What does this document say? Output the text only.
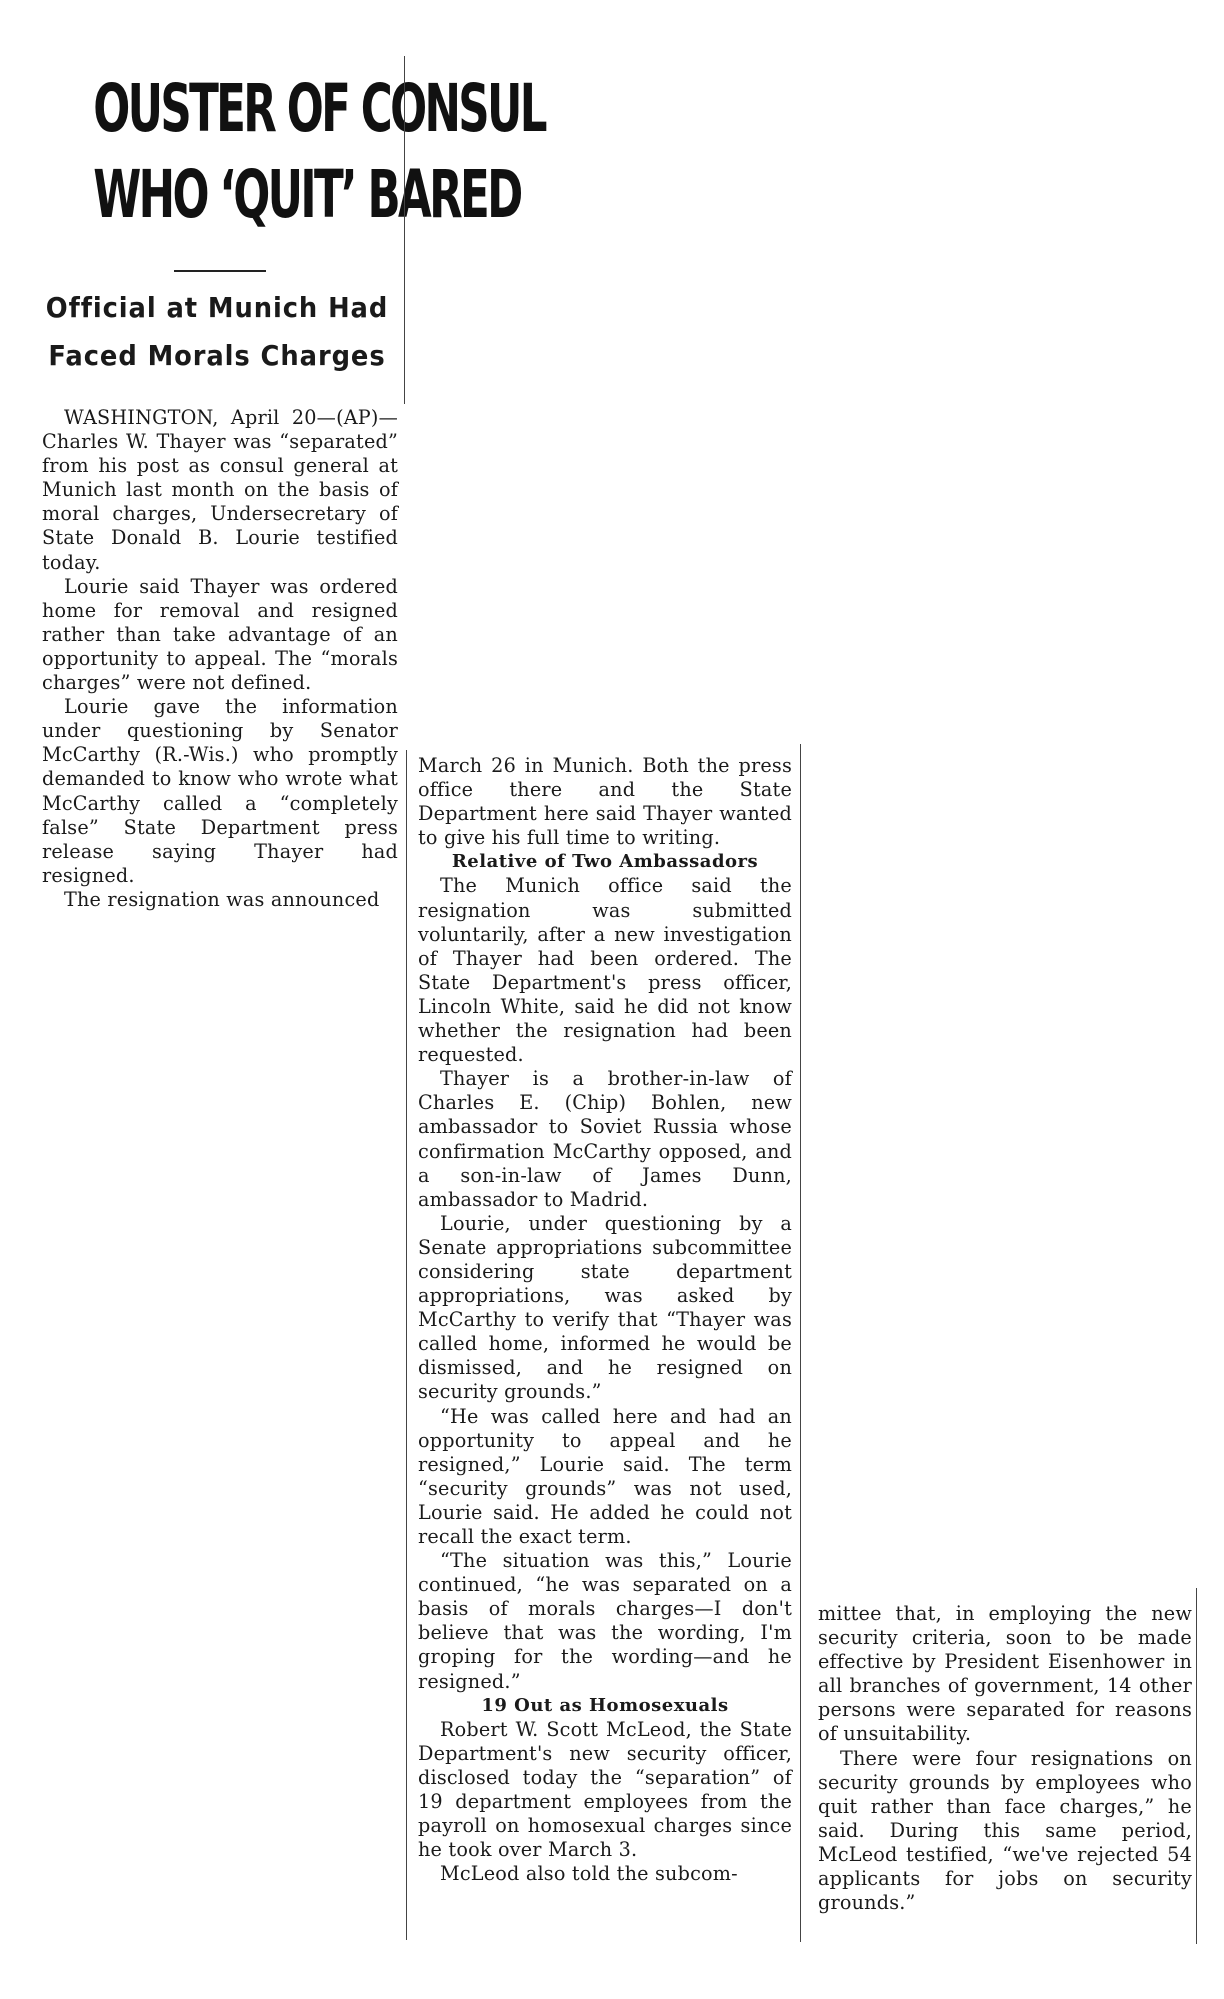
OUSTER OF CONSUL
WHO ‘QUIT’ BARED
Official at Munich Had
Faced Morals Charges

WASHINGTON, April 20—(AP)—Charles W. Thayer was “separated” from his post as consul general at Munich last month on the basis of moral charges, Undersecretary of State Donald B. Lourie testified today.

Lourie said Thayer was ordered home for removal and resigned rather than take advantage of an opportunity to appeal. The “morals charges” were not defined.

Lourie gave the information under questioning by Senator McCarthy (R.-Wis.) who promptly demanded to know who wrote what McCarthy called a “completely false” State Department press release saying Thayer had resigned.

The resignation was announced

March 26 in Munich. Both the press office there and the State Department here said Thayer wanted to give his full time to writing.

Relative of Two Ambassadors

The Munich office said the resignation was submitted voluntarily, after a new investigation of Thayer had been ordered. The State Department's press officer, Lincoln White, said he did not know whether the resignation had been requested.

Thayer is a brother-in-law of Charles E. (Chip) Bohlen, new ambassador to Soviet Russia whose confirmation McCarthy opposed, and a son-in-law of James Dunn, ambassador to Madrid.

Lourie, under questioning by a Senate appropriations subcommittee considering state department appropriations, was asked by McCarthy to verify that “Thayer was called home, informed he would be dismissed, and he resigned on security grounds.”

“He was called here and had an opportunity to appeal and he resigned,” Lourie said. The term “security grounds” was not used, Lourie said. He added he could not recall the exact term.

“The situation was this,” Lourie continued, “he was separated on a basis of morals charges—I don't believe that was the wording, I'm groping for the wording—and he resigned.”

19 Out as Homosexuals

Robert W. Scott McLeod, the State Department's new security officer, disclosed today the “separation” of 19 department employees from the payroll on homosexual charges since he took over March 3.

McLeod also told the subcom-

mittee that, in employing the new security criteria, soon to be made effective by President Eisenhower in all branches of government, 14 other persons were separated for reasons of unsuitability.

There were four resignations on security grounds by employees who quit rather than face charges,” he said. During this same period, McLeod testified, “we've rejected 54 applicants for jobs on security grounds.”
